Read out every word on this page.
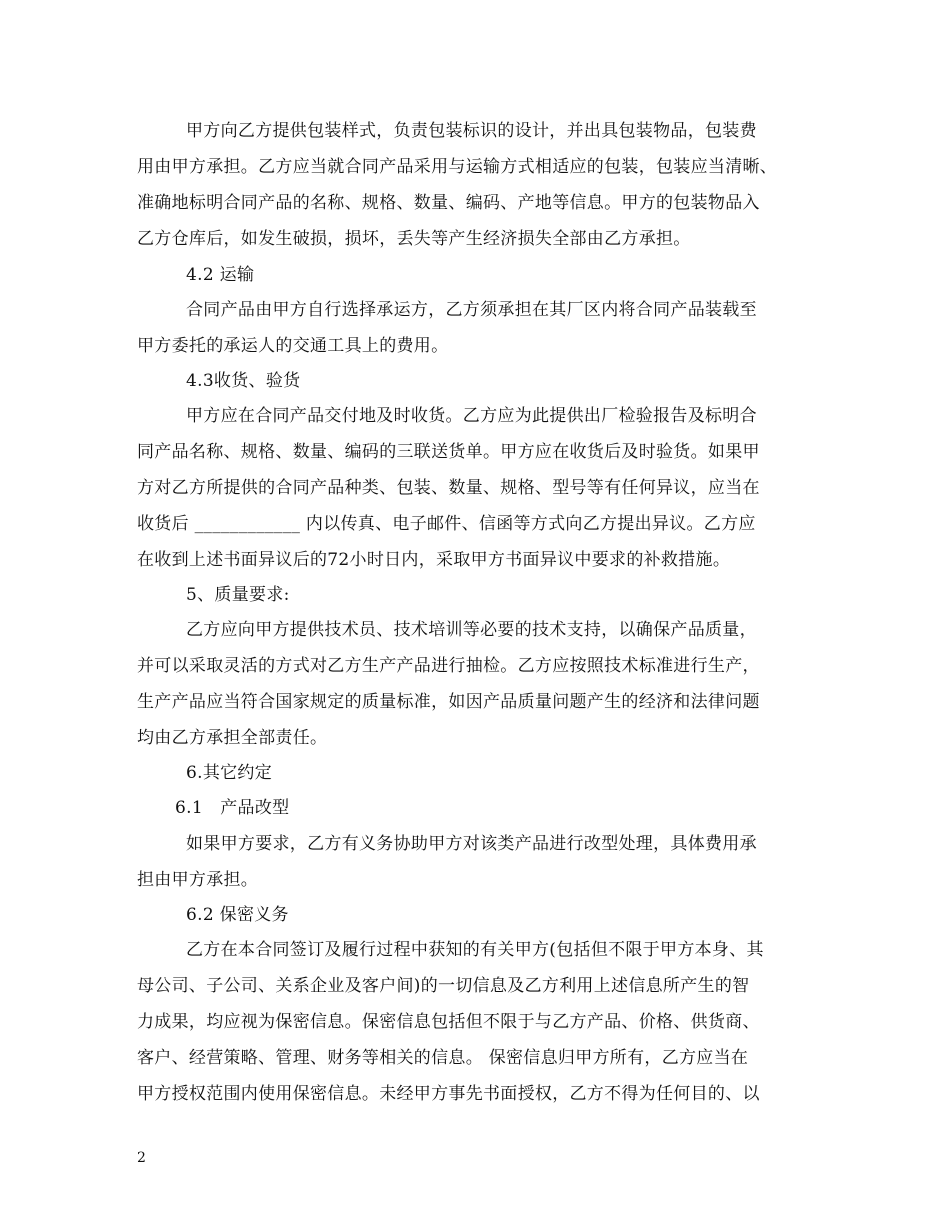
甲方向乙方提供包装样式，负责包装标识的设计，并出具包装物品，包装费
用由甲方承担。乙方应当就合同产品采用与运输方式相适应的包装，包装应当清晰、
准确地标明合同产品的名称、规格、数量、编码、产地等信息。甲方的包装物品入
乙方仓库后，如发生破损，损坏，丢失等产生经济损失全部由乙方承担。
4.2 运输
合同产品由甲方自行选择承运方，乙方须承担在其厂区内将合同产品装载至
甲方委托的承运人的交通工具上的费用。
4.3收货、验货
甲方应在合同产品交付地及时收货。乙方应为此提供出厂检验报告及标明合
同产品名称、规格、数量、编码的三联送货单。甲方应在收货后及时验货。如果甲
方对乙方所提供的合同产品种类、包装、数量、规格、型号等有任何异议，应当在
收货后 ____________ 内以传真、电子邮件、信函等方式向乙方提出异议。乙方应
在收到上述书面异议后的72小时日内，采取甲方书面异议中要求的补救措施。
5、质量要求:
乙方应向甲方提供技术员、技术培训等必要的技术支持，以确保产品质量，
并可以采取灵活的方式对乙方生产产品进行抽检。乙方应按照技术标准进行生产，
生产产品应当符合国家规定的质量标准，如因产品质量问题产生的经济和法律问题
均由乙方承担全部责任。
6.其它约定
6.1　产品改型
如果甲方要求，乙方有义务协助甲方对该类产品进行改型处理，具体费用承
担由甲方承担。
6.2 保密义务
乙方在本合同签订及履行过程中获知的有关甲方(包括但不限于甲方本身、其
母公司、子公司、关系企业及客户间)的一切信息及乙方利用上述信息所产生的智
力成果，均应视为保密信息。保密信息包括但不限于与乙方产品、价格、供货商、
客户、经营策略、管理、财务等相关的信息。 保密信息归甲方所有，乙方应当在
甲方授权范围内使用保密信息。未经甲方事先书面授权，乙方不得为任何目的、以
2
